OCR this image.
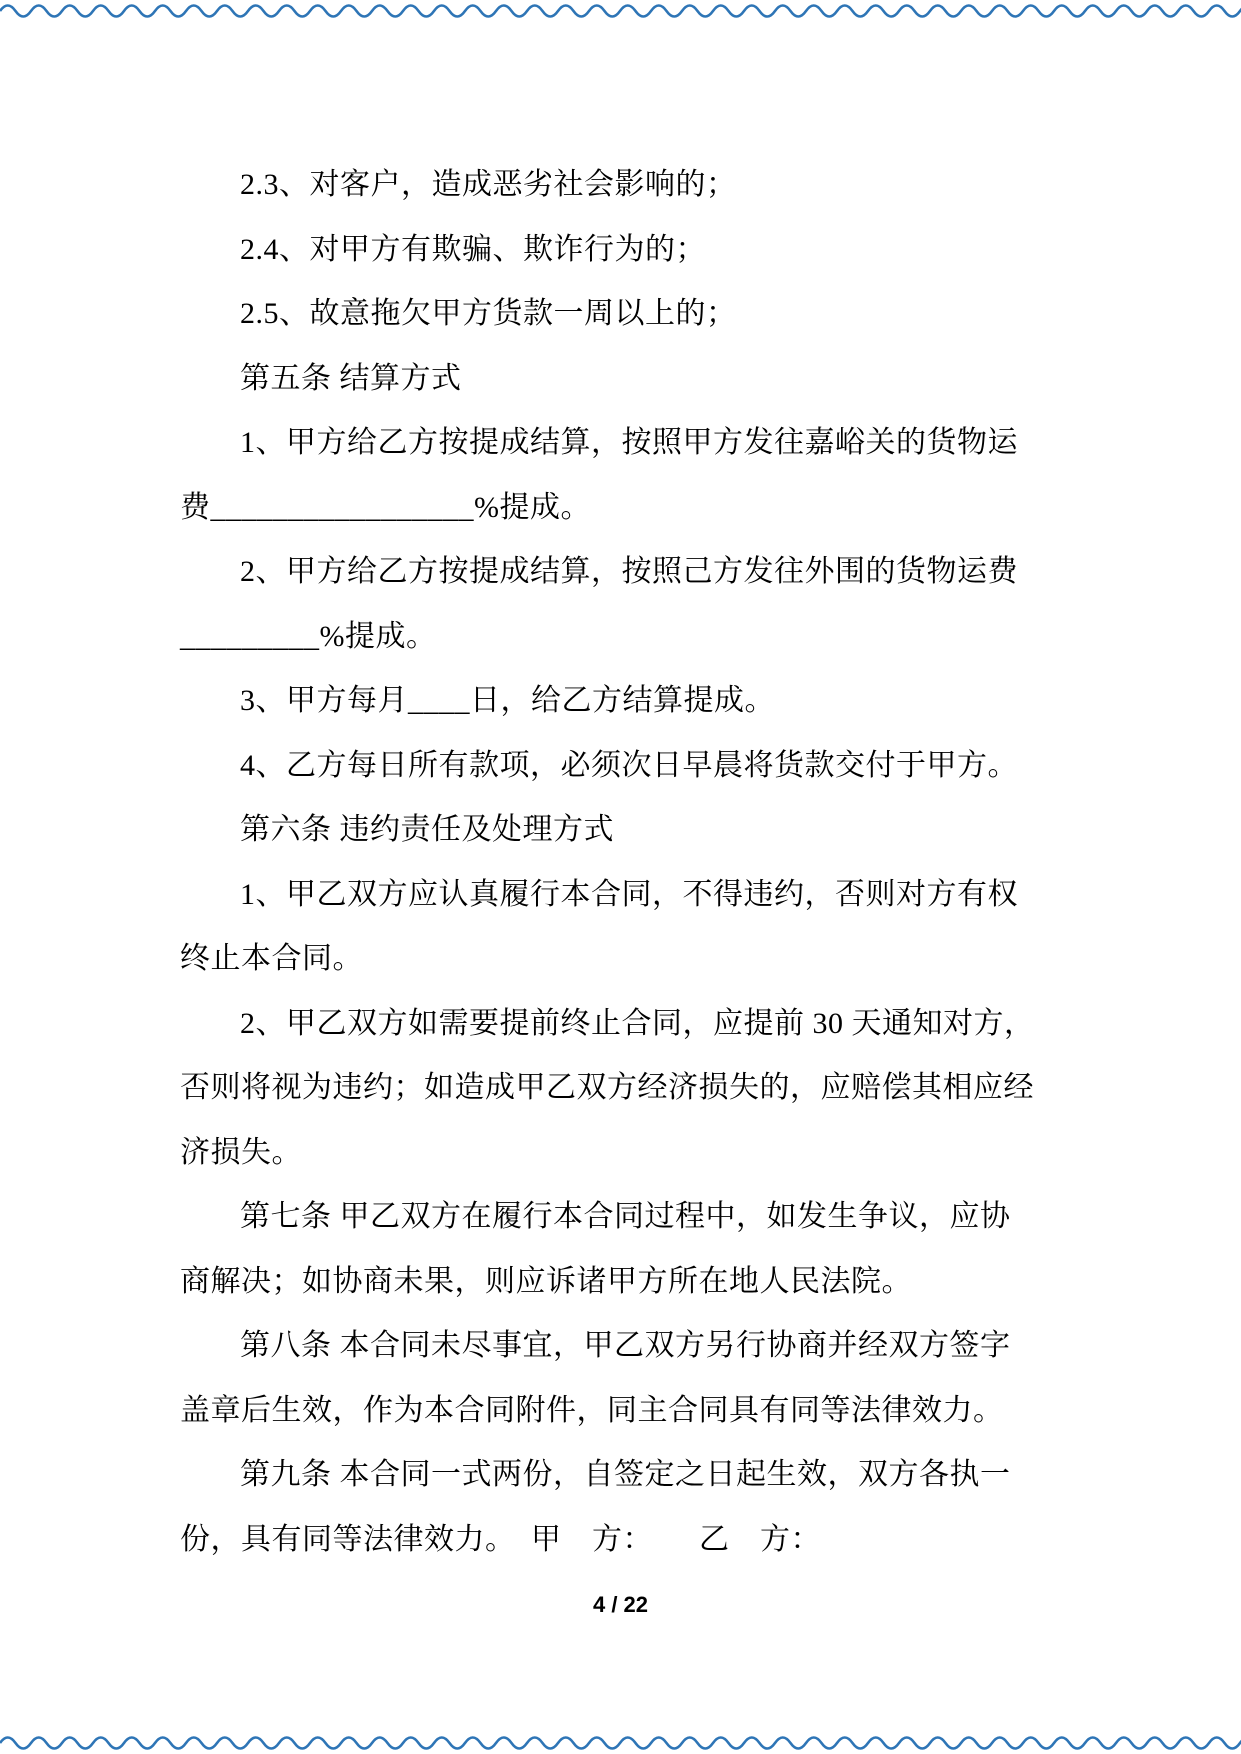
2.3、对客户，造成恶劣社会影响的；
2.4、对甲方有欺骗、欺诈行为的；
2.5、故意拖欠甲方货款一周以上的；
第五条 结算方式
1、甲方给乙方按提成结算，按照甲方发往嘉峪关的货物运
费_________________%提成。
2、甲方给乙方按提成结算，按照己方发往外围的货物运费
_________%提成。
3、甲方每月____日，给乙方结算提成。
4、乙方每日所有款项，必须次日早晨将货款交付于甲方。
第六条 违约责任及处理方式
1、甲乙双方应认真履行本合同，不得违约，否则对方有权
终止本合同。
2、甲乙双方如需要提前终止合同，应提前 30 天通知对方，
否则将视为违约；如造成甲乙双方经济损失的，应赔偿其相应经
济损失。
第七条 甲乙双方在履行本合同过程中，如发生争议，应协
商解决；如协商未果，则应诉诸甲方所在地人民法院。
第八条 本合同未尽事宜，甲乙双方另行协商并经双方签字
盖章后生效，作为本合同附件，同主合同具有同等法律效力。
第九条 本合同一式两份，自签定之日起生效，双方各执一
份，具有同等法律效力。　甲　方：　　乙　方：
4 / 22
